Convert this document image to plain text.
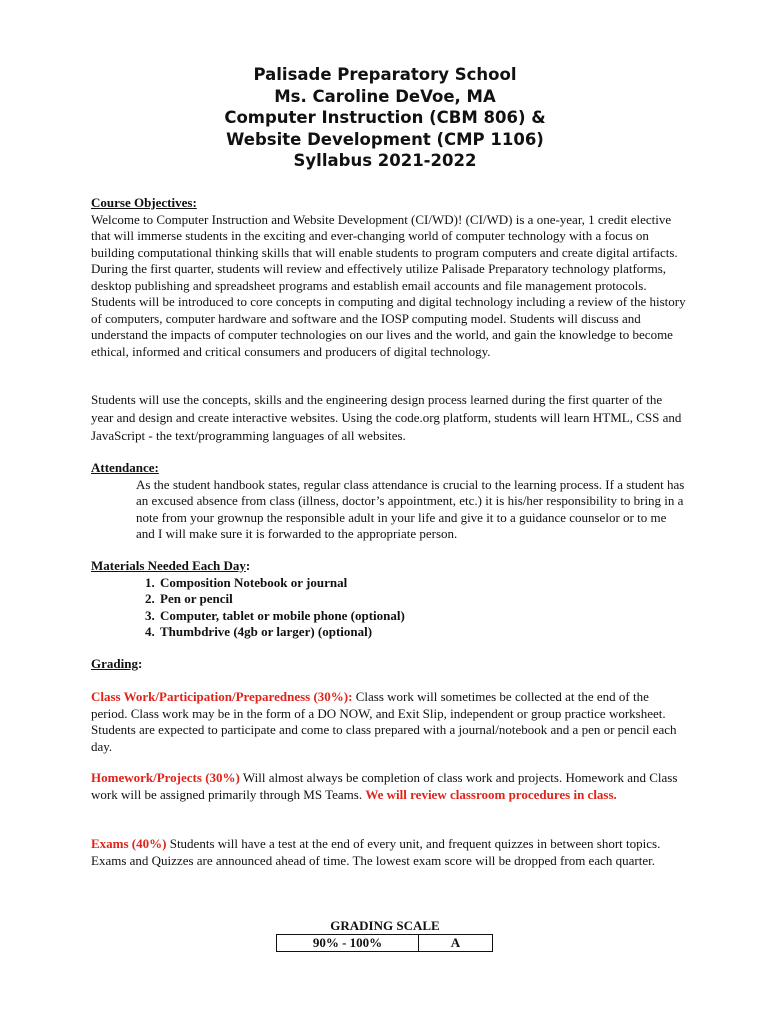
Palisade Preparatory School
Ms. Caroline DeVoe, MA
Computer Instruction (CBM 806) &
Website Development (CMP 1106)
Syllabus 2021-2022
Course Objectives:

Welcome to Computer Instruction and Website Development (CI/WD)! (CI/WD) is a one-year, 1 credit elective that will immerse students in the exciting and ever-changing world of computer technology with a focus on building computational thinking skills that will enable students to program computers and create digital artifacts. During the first quarter, students will review and effectively utilize Palisade Preparatory technology platforms, desktop publishing and spreadsheet programs and establish email accounts and file management protocols. Students will be introduced to core concepts in computing and digital technology including a review of the history of computers, computer hardware and software and the IOSP computing model. Students will discuss and understand the impacts of computer technologies on our lives and the world, and gain the knowledge to become ethical, informed and critical consumers and producers of digital technology.

Students will use the concepts, skills and the engineering design process learned during the first quarter of the year and design and create interactive websites. Using the code.org platform, students will learn HTML, CSS and JavaScript - the text/programming languages of all websites.

Attendance:

As the student handbook states, regular class attendance is crucial to the learning process. If a student has an excused absence from class (illness, doctor’s appointment, etc.) it is his/her responsibility to bring in a note from your grownup the responsible adult in your life and give it to a guidance counselor or to me and I will make sure it is forwarded to the appropriate person.

Materials Needed Each Day:
1. Composition Notebook or journal
2. Pen or pencil
3. Computer, tablet or mobile phone (optional)
4. Thumbdrive (4gb or larger) (optional)
Grading:

Class Work/Participation/Preparedness (30%): Class work will sometimes be collected at the end of the period. Class work may be in the form of a DO NOW, and Exit Slip, independent or group practice worksheet. Students are expected to participate and come to class prepared with a journal/notebook and a pen or pencil each day.

Homework/Projects (30%) Will almost always be completion of class work and projects. Homework and Class work will be assigned primarily through MS Teams. We will review classroom procedures in class.

Exams (40%) Students will have a test at the end of every unit, and frequent quizzes in between short topics. Exams and Quizzes are announced ahead of time. The lowest exam score will be dropped from each quarter.

GRADING SCALE
90% - 100%	A
